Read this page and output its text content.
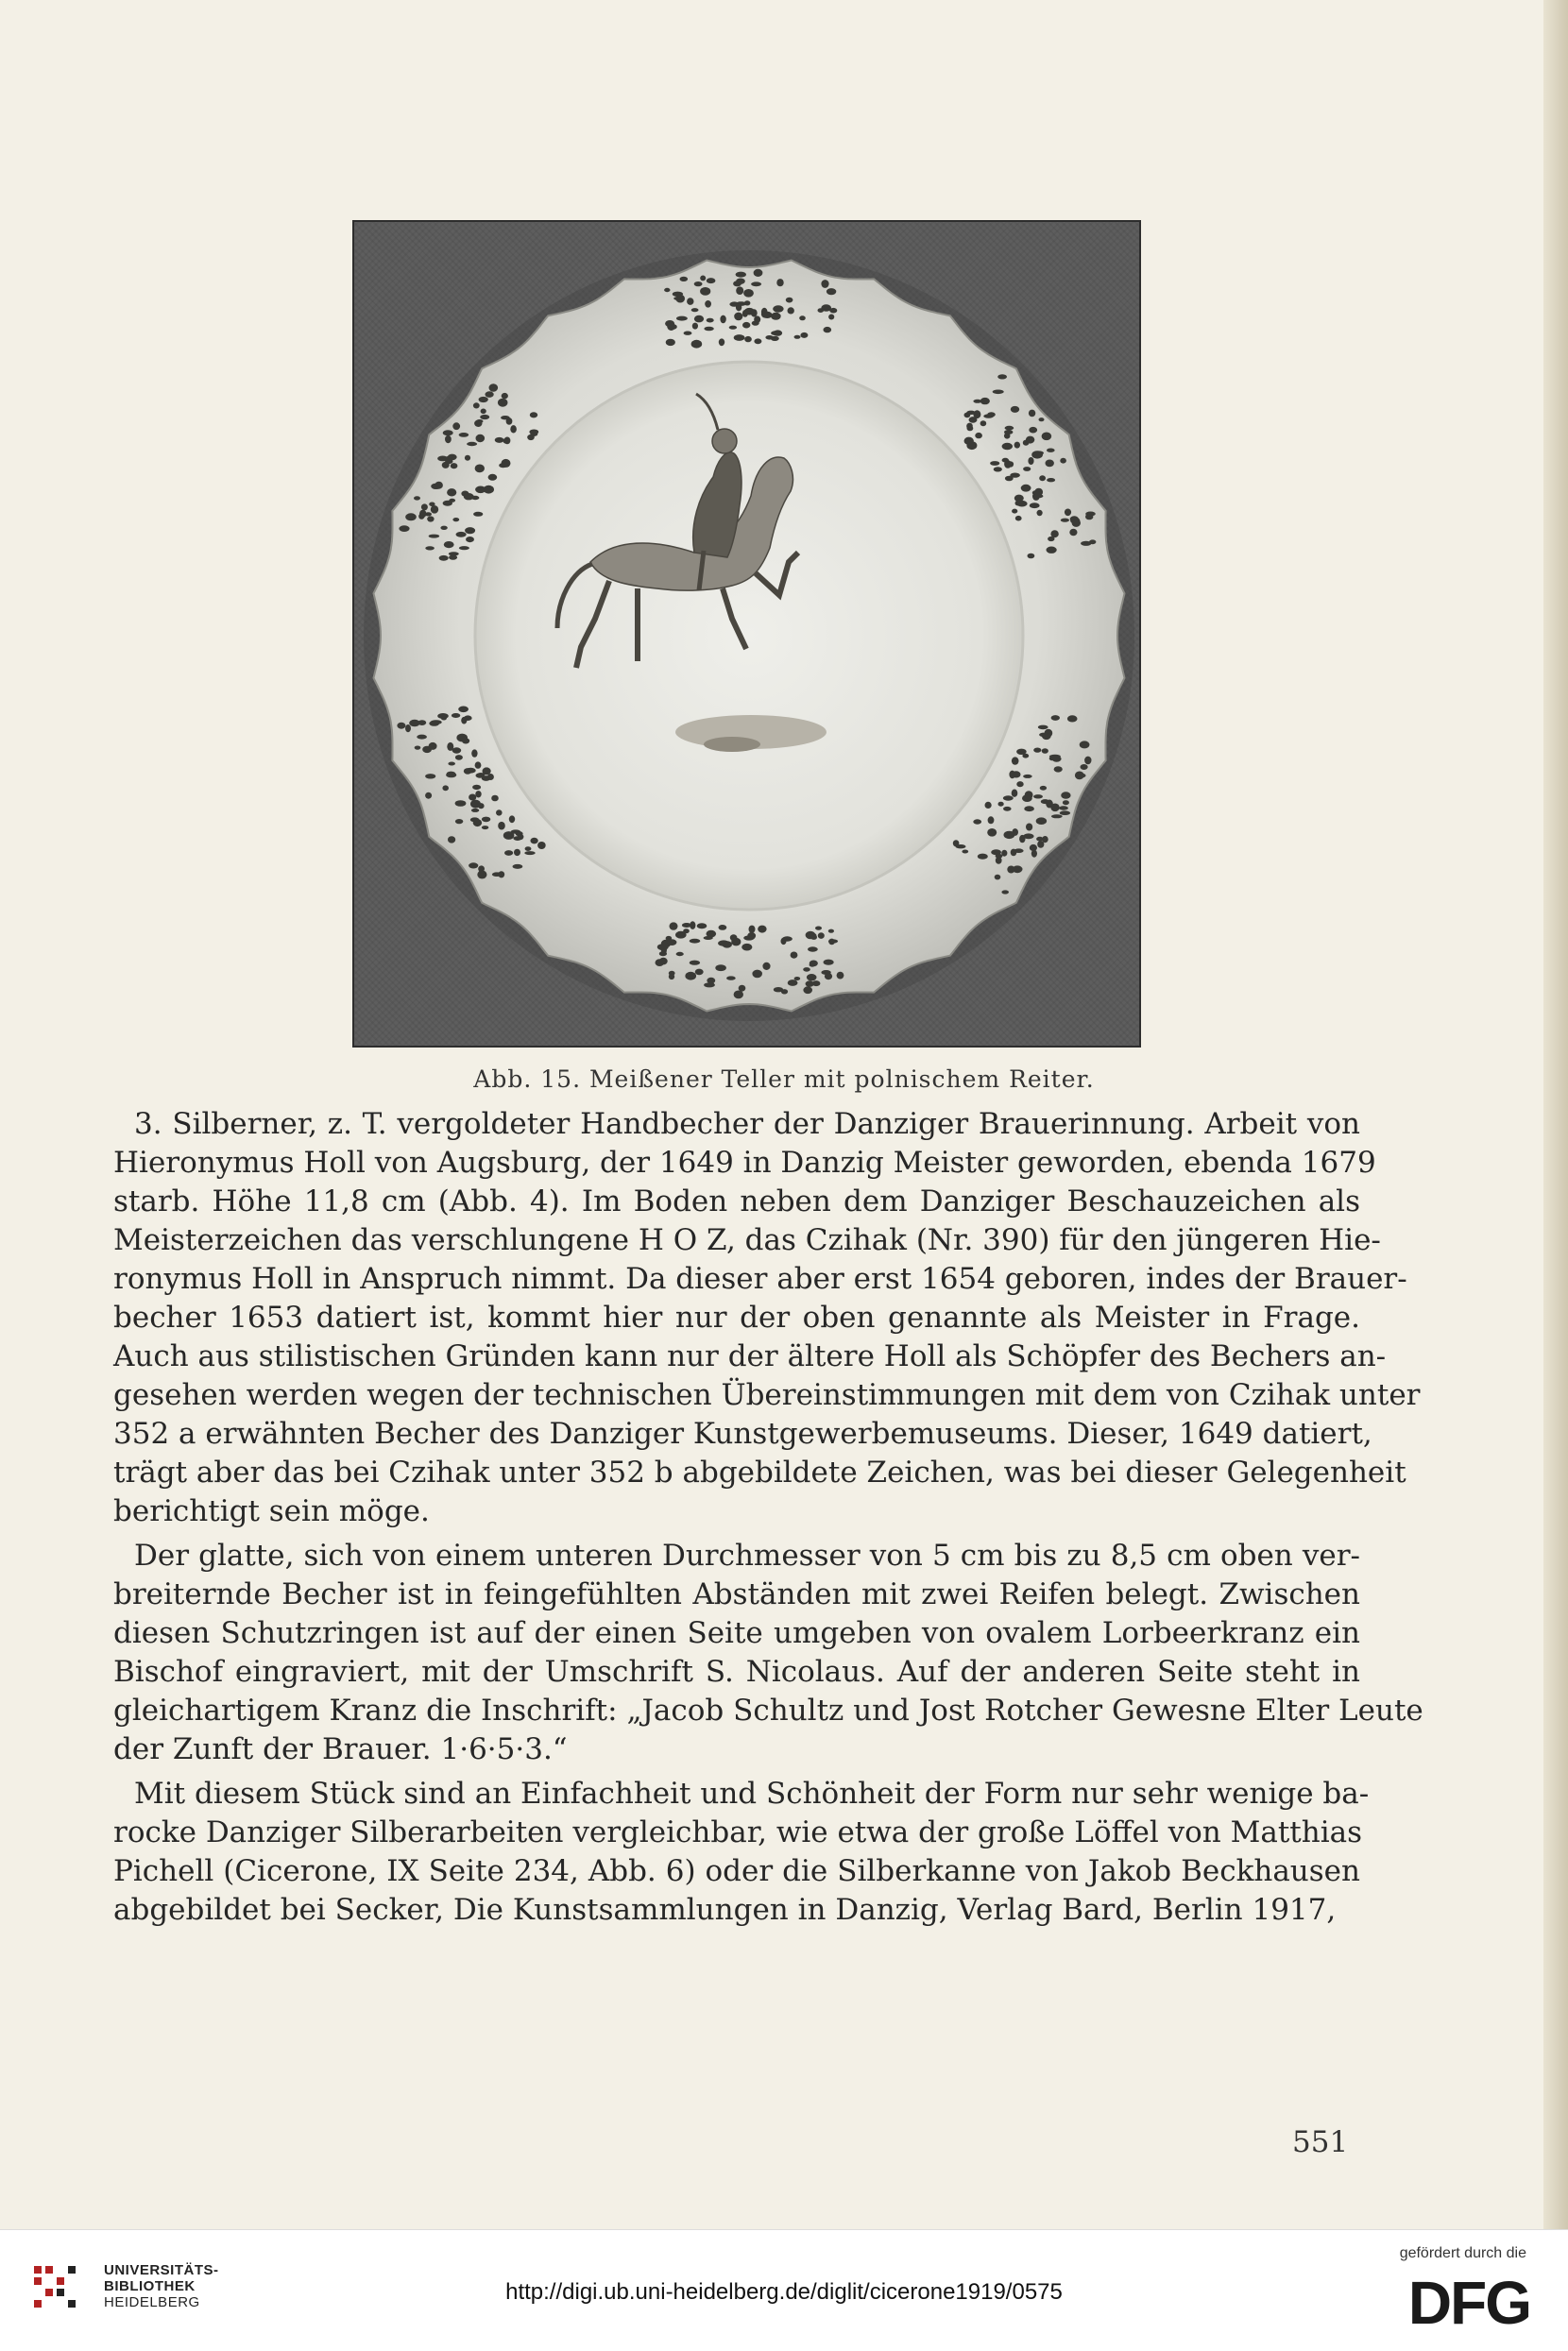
Abb. 15. Meißener Teller mit polnischem Reiter.
3. Silberner, z. T. vergoldeter Handbecher der Danziger Brauerinnung. Arbeit von
Hieronymus Holl von Augsburg, der 1649 in Danzig Meister geworden, ebenda 1679
starb. Höhe 11,8 cm (Abb. 4). Im Boden neben dem Danziger Beschauzeichen als
Meisterzeichen das verschlungene H O Z, das Czihak (Nr. 390) für den jüngeren Hie-
ronymus Holl in Anspruch nimmt. Da dieser aber erst 1654 geboren, indes der Brauer-
becher 1653 datiert ist, kommt hier nur der oben genannte als Meister in Frage.
Auch aus stilistischen Gründen kann nur der ältere Holl als Schöpfer des Bechers an-
gesehen werden wegen der technischen Übereinstimmungen mit dem von Czihak unter
352 a erwähnten Becher des Danziger Kunstgewerbemuseums. Dieser, 1649 datiert,
trägt aber das bei Czihak unter 352 b abgebildete Zeichen, was bei dieser Gelegenheit
berichtigt sein möge.
Der glatte, sich von einem unteren Durchmesser von 5 cm bis zu 8,5 cm oben ver-
breiternde Becher ist in feingefühlten Abständen mit zwei Reifen belegt. Zwischen
diesen Schutzringen ist auf der einen Seite umgeben von ovalem Lorbeerkranz ein
Bischof eingraviert, mit der Umschrift S. Nicolaus. Auf der anderen Seite steht in
gleichartigem Kranz die Inschrift: „Jacob Schultz und Jost Rotcher Gewesne Elter Leute
der Zunft der Brauer. 1·6·5·3.“
Mit diesem Stück sind an Einfachheit und Schönheit der Form nur sehr wenige ba-
rocke Danziger Silberarbeiten vergleichbar, wie etwa der große Löffel von Matthias
Pichell (Cicerone, IX Seite 234, Abb. 6) oder die Silberkanne von Jakob Beckhausen
abgebildet bei Secker, Die Kunstsammlungen in Danzig, Verlag Bard, Berlin 1917,
551
UNIVERSITÄTS-
BIBLIOTHEK
HEIDELBERG	http://digi.ub.uni-heidelberg.de/diglit/cicerone1919/0575
gefördert durch die
DFG
